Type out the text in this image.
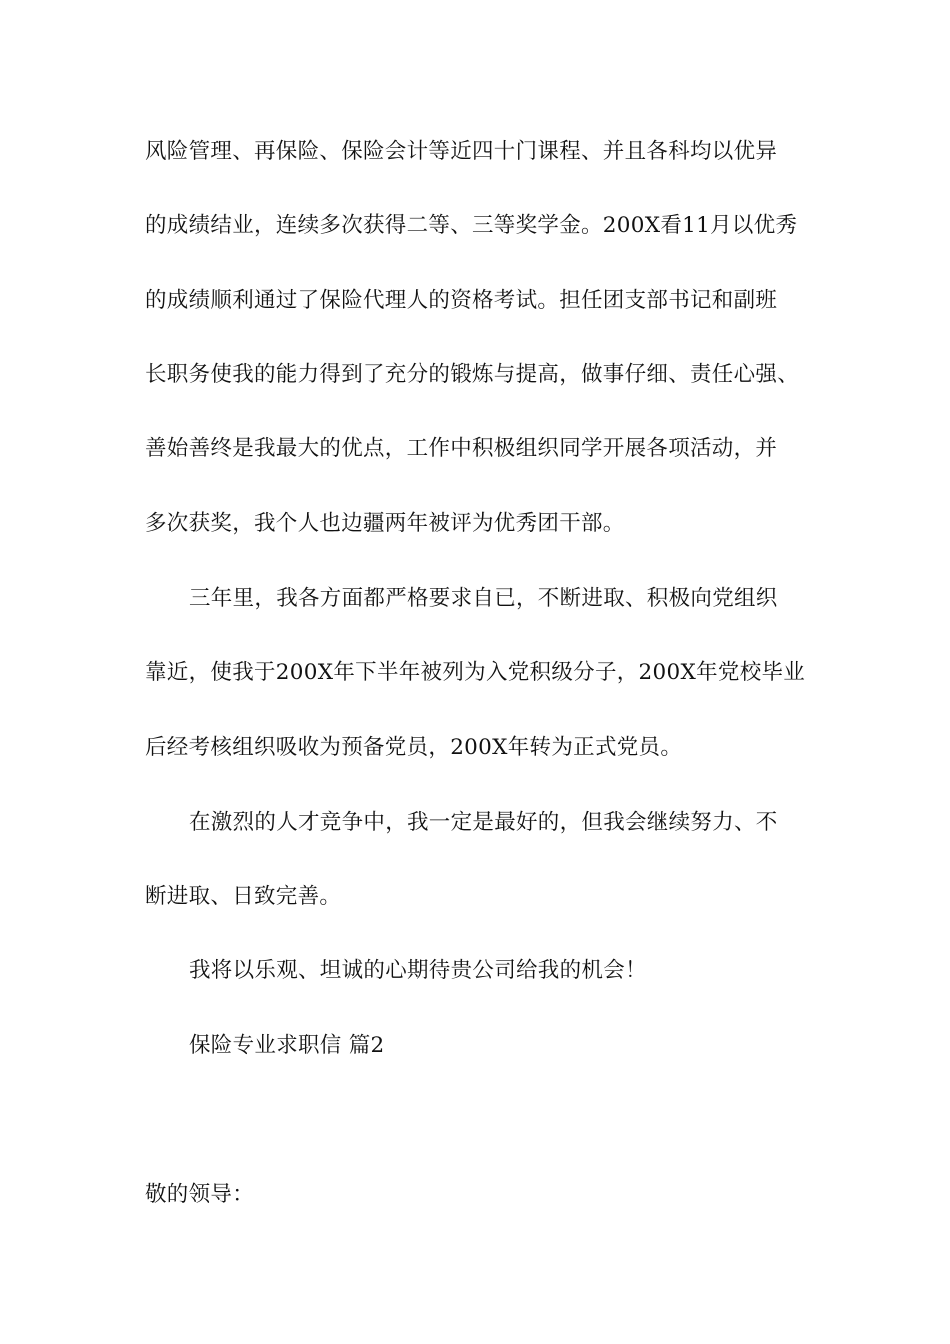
风险管理、再保险、保险会计等近四十门课程、并且各科均以优异
的成绩结业，连续多次获得二等、三等奖学金。200X看11月以优秀
的成绩顺利通过了保险代理人的资格考试。担任团支部书记和副班
长职务使我的能力得到了充分的锻炼与提高，做事仔细、责任心强、
善始善终是我最大的优点，工作中积极组织同学开展各项活动，并
多次获奖，我个人也边疆两年被评为优秀团干部。
三年里，我各方面都严格要求自已，不断进取、积极向党组织
靠近，使我于200X年下半年被列为入党积级分子，200X年党校毕业
后经考核组织吸收为预备党员，200X年转为正式党员。
在激烈的人才竞争中，我一定是最好的，但我会继续努力、不
断进取、日致完善。
我将以乐观、坦诚的心期待贵公司给我的机会！
保险专业求职信 篇2
敬的领导：
